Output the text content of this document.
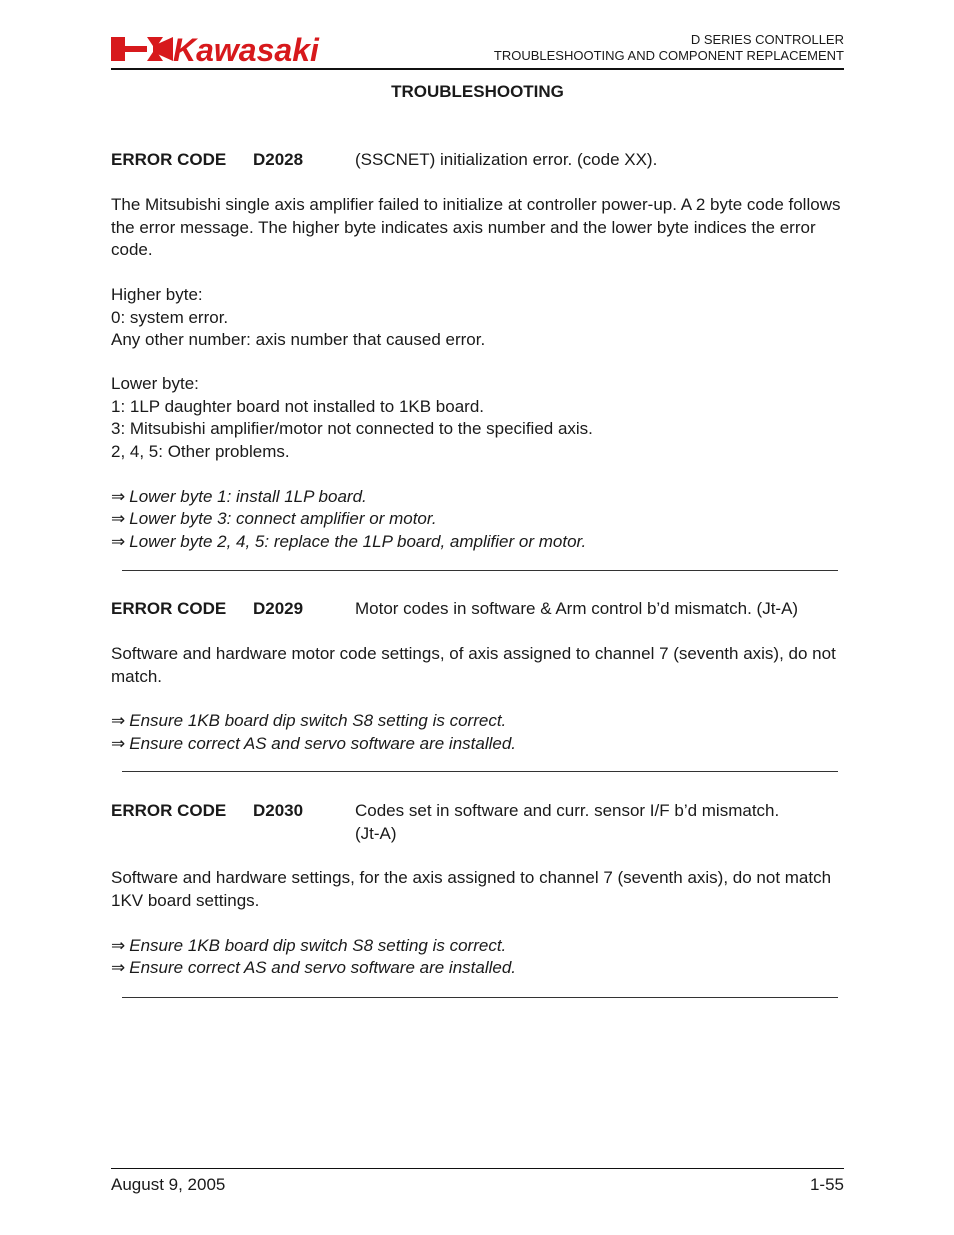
Kawasaki	D SERIES CONTROLLER
TROUBLESHOOTING AND COMPONENT REPLACEMENT
TROUBLESHOOTING
ERROR CODE D2028	(SSCNET) initialization error. (code XX).
The Mitsubishi single axis amplifier failed to initialize at controller power-up. A 2 byte code follows the error message. The higher byte indicates axis number and the lower byte indices the error code.
Higher byte:
0: system error.
Any other number: axis number that caused error.
Lower byte:
1: 1LP daughter board not installed to 1KB board.
3: Mitsubishi amplifier/motor not connected to the specified axis.
2, 4, 5: Other problems.
⇒ Lower byte 1: install 1LP board.
⇒ Lower byte 3: connect amplifier or motor.
⇒ Lower byte 2, 4, 5: replace the 1LP board, amplifier or motor.
ERROR CODE D2029	Motor codes in software & Arm control b’d mismatch. (Jt-A)
Software and hardware motor code settings, of axis assigned to channel 7 (seventh axis), do not match.
⇒ Ensure 1KB board dip switch S8 setting is correct.
⇒ Ensure correct AS and servo software are installed.
ERROR CODE D2030	Codes set in software and curr. sensor I/F b’d mismatch.
(Jt-A)
Software and hardware settings, for the axis assigned to channel 7 (seventh axis), do not match 1KV board settings.
⇒ Ensure 1KB board dip switch S8 setting is correct.
⇒ Ensure correct AS and servo software are installed.
August 9, 2005	1-55
